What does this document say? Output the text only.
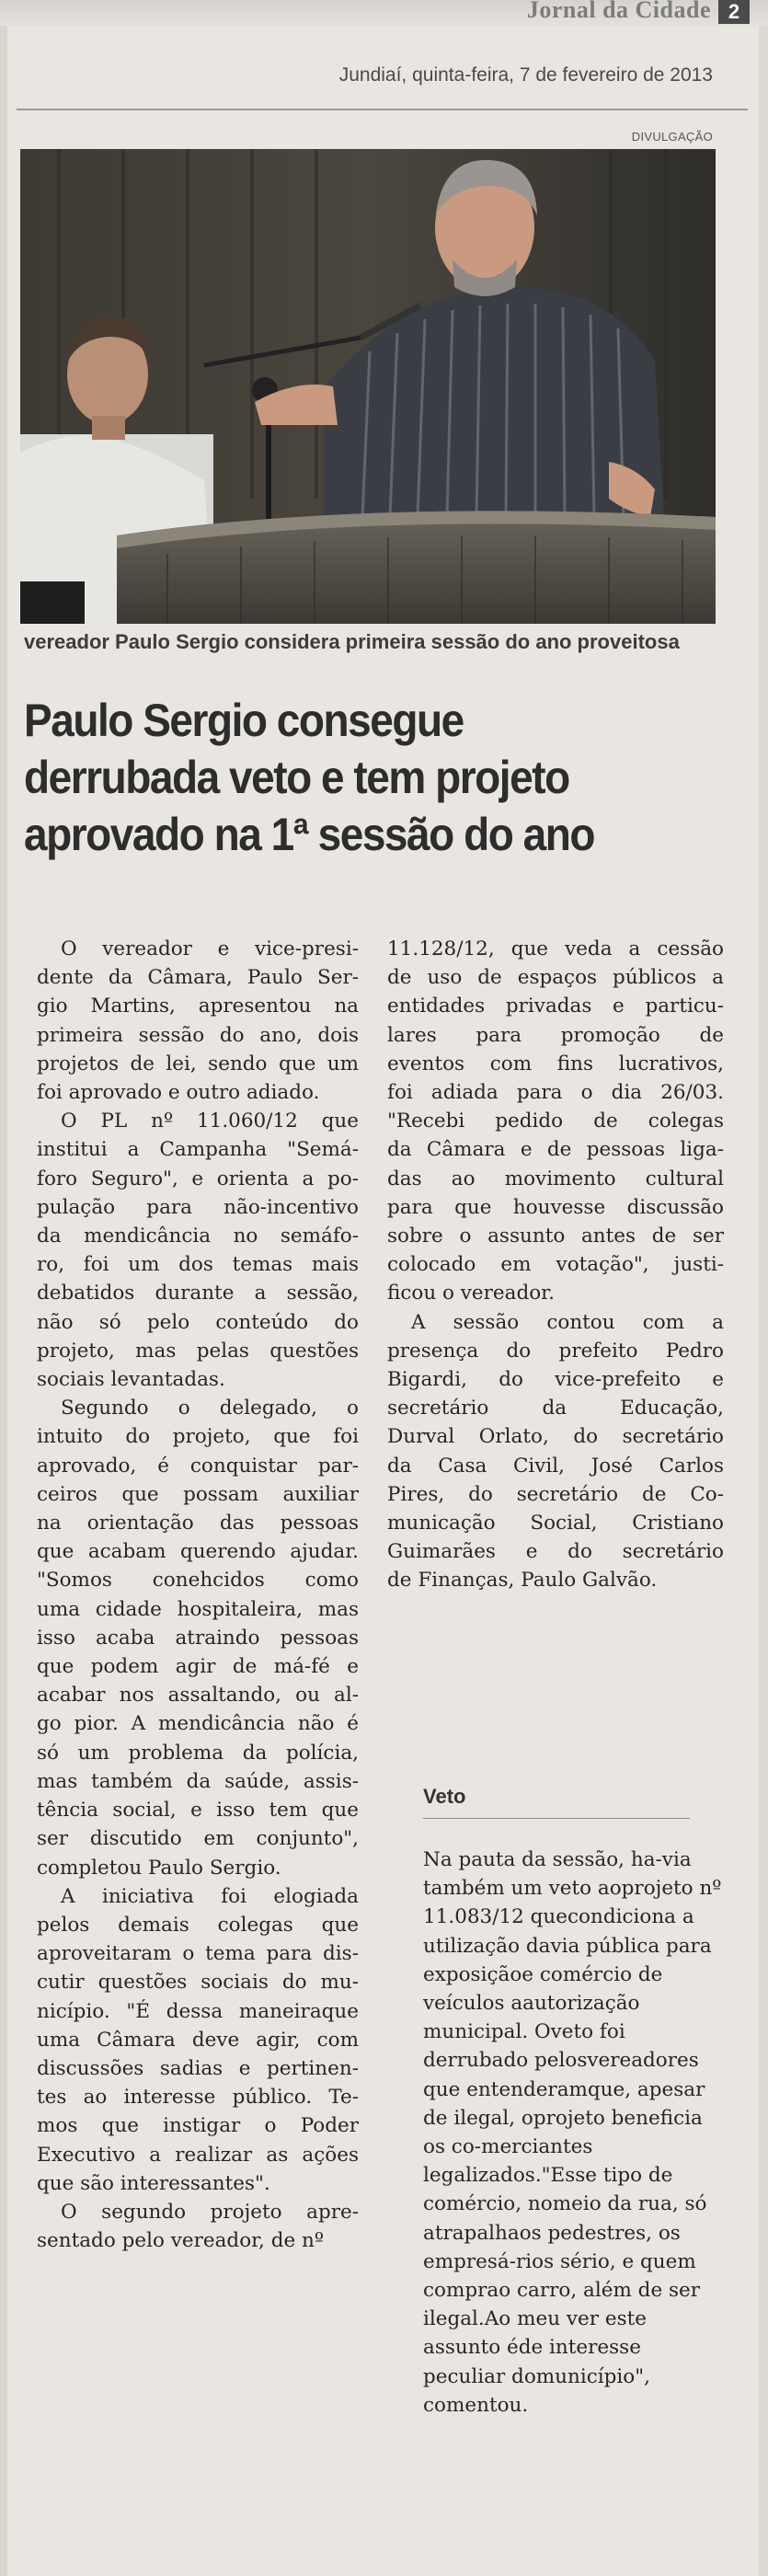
Jornal da Cidade 2
Jundiaí, quinta-feira, 7 de fevereiro de 2013
DIVULGAÇÃO
vereador Paulo Sergio considera primeira sessão do ano proveitosa
Paulo Sergio consegue
derrubada veto e tem projeto
aprovado na 1ª sessão do ano
O vereador e vice-presi-
dente da Câmara, Paulo Ser-
gio Martins, apresentou na
primeira sessão do ano, dois
projetos de lei, sendo que um
foi aprovado e outro adiado.
O PL nº 11.060/12 que
institui a Campanha "Semá-
foro Seguro", e orienta a po-
pulação para não-incentivo
da mendicância no semáfo-
ro, foi um dos temas mais
debatidos durante a sessão,
não só pelo conteúdo do
projeto, mas pelas questões
sociais levantadas.
Segundo o delegado, o
intuito do projeto, que foi
aprovado, é conquistar par-
ceiros que possam auxiliar
na orientação das pessoas
que acabam querendo ajudar.
"Somos conehcidos como
uma cidade hospitaleira, mas
isso acaba atraindo pessoas
que podem agir de má-fé e
acabar nos assaltando, ou al-
go pior. A mendicância não é
só um problema da polícia,
mas também da saúde, assis-
tência social, e isso tem que
ser discutido em conjunto",
completou Paulo Sergio.
A iniciativa foi elogiada
pelos demais colegas que
aproveitaram o tema para dis-
cutir questões sociais do mu-
nicípio. "É dessa maneiraque
uma Câmara deve agir, com
discussões sadias e pertinen-
tes ao interesse público. Te-
mos que instigar o Poder
Executivo a realizar as ações
que são interessantes".
O segundo projeto apre-
sentado pelo vereador, de nº
11.128/12, que veda a cessão
de uso de espaços públicos a
entidades privadas e particu-
lares para promoção de
eventos com fins lucrativos,
foi adiada para o dia 26/03.
"Recebi pedido de colegas
da Câmara e de pessoas liga-
das ao movimento cultural
para que houvesse discussão
sobre o assunto antes de ser
colocado em votação", justi-
ficou o vereador.
A sessão contou com a
presença do prefeito Pedro
Bigardi, do vice-prefeito e
secretário da Educação,
Durval Orlato, do secretário
da Casa Civil, José Carlos
Pires, do secretário de Co-
municação Social, Cristiano
Guimarães e do secretário
de Finanças, Paulo Galvão.
Veto
Na pauta da sessão, ha-via também um veto aoprojeto nº 11.083/12 quecondiciona a utilização davia pública para exposiçãoe comércio de veículos aautorização municipal. Oveto foi derrubado pelosvereadores que entenderamque, apesar de ilegal, oprojeto beneficia os co-merciantes legalizados."Esse tipo de comércio, nomeio da rua, só atrapalhaos pedestres, os empresá-rios sério, e quem comprao carro, além de ser ilegal.Ao meu ver este assunto éde interesse peculiar domunicípio", comentou.
